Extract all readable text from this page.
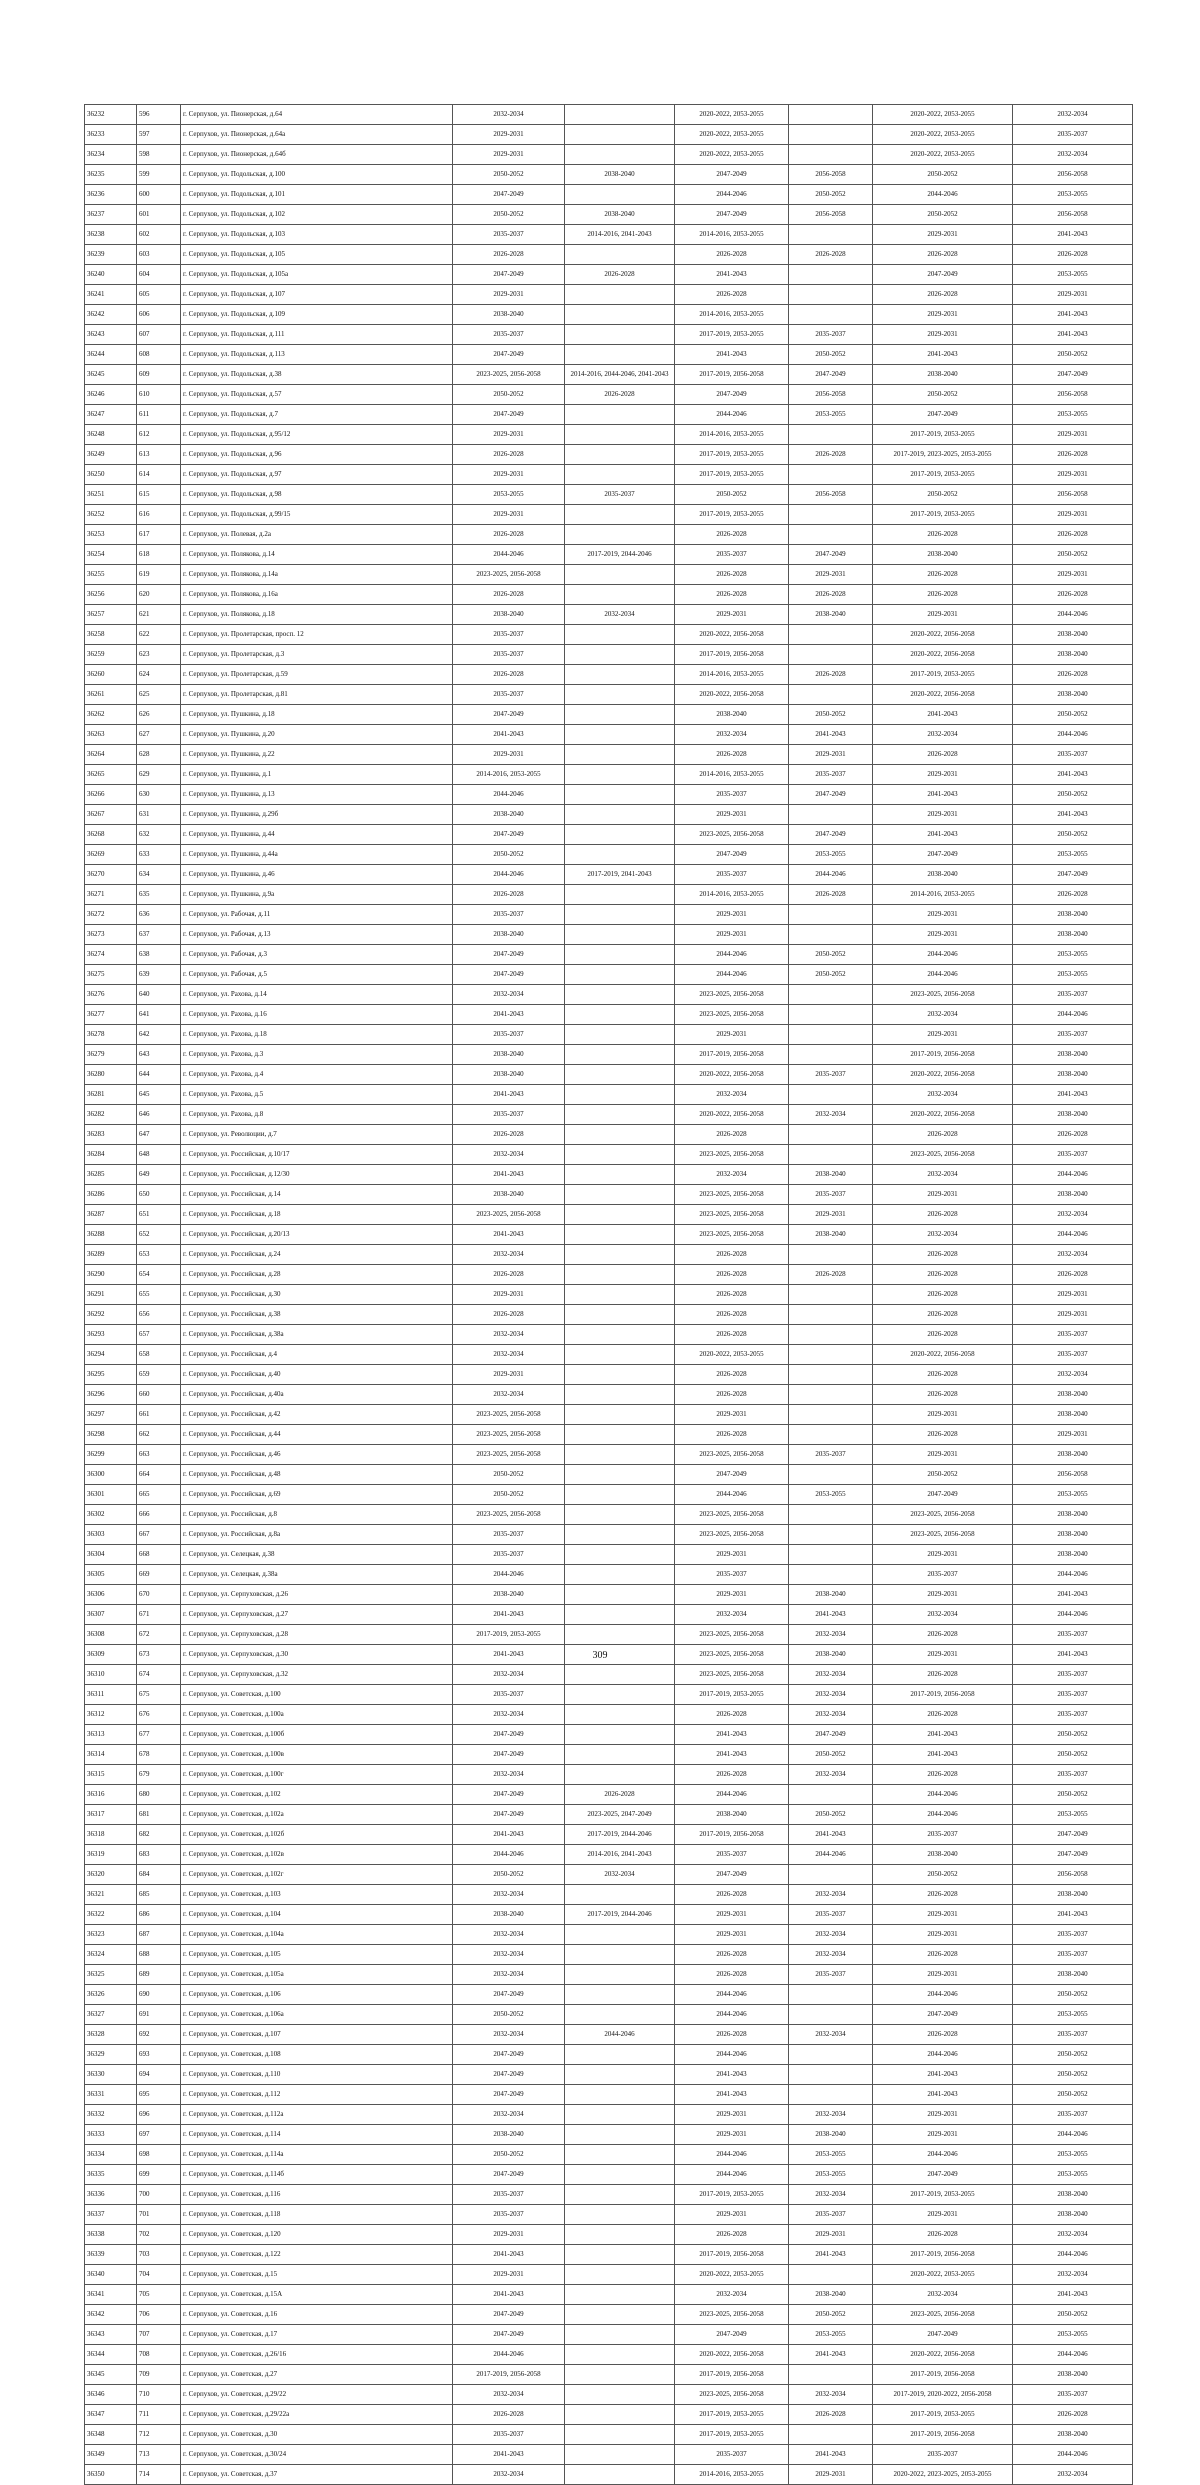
36232	596	г. Серпухов, ул. Пионерская, д.64	2032-2034		2020-2022, 2053-2055		2020-2022, 2053-2055	2032-2034
36233	597	г. Серпухов, ул. Пионерская, д.64а	2029-2031		2020-2022, 2053-2055		2020-2022, 2053-2055	2035-2037
36234	598	г. Серпухов, ул. Пионерская, д.64б	2029-2031		2020-2022, 2053-2055		2020-2022, 2053-2055	2032-2034
36235	599	г. Серпухов, ул. Подольская, д.100	2050-2052	2038-2040	2047-2049	2056-2058	2050-2052	2056-2058
36236	600	г. Серпухов, ул. Подольская, д.101	2047-2049		2044-2046	2050-2052	2044-2046	2053-2055
36237	601	г. Серпухов, ул. Подольская, д.102	2050-2052	2038-2040	2047-2049	2056-2058	2050-2052	2056-2058
36238	602	г. Серпухов, ул. Подольская, д.103	2035-2037	2014-2016, 2041-2043	2014-2016, 2053-2055		2029-2031	2041-2043
36239	603	г. Серпухов, ул. Подольская, д.105	2026-2028		2026-2028	2026-2028	2026-2028	2026-2028
36240	604	г. Серпухов, ул. Подольская, д.105а	2047-2049	2026-2028	2041-2043		2047-2049	2053-2055
36241	605	г. Серпухов, ул. Подольская, д.107	2029-2031		2026-2028		2026-2028	2029-2031
36242	606	г. Серпухов, ул. Подольская, д.109	2038-2040		2014-2016, 2053-2055		2029-2031	2041-2043
36243	607	г. Серпухов, ул. Подольская, д.111	2035-2037		2017-2019, 2053-2055	2035-2037	2029-2031	2041-2043
36244	608	г. Серпухов, ул. Подольская, д.113	2047-2049		2041-2043	2050-2052	2041-2043	2050-2052
36245	609	г. Серпухов, ул. Подольская, д.38	2023-2025, 2056-2058	2014-2016, 2044-2046, 2041-2043	2017-2019, 2056-2058	2047-2049	2038-2040	2047-2049
36246	610	г. Серпухов, ул. Подольская, д.57	2050-2052	2026-2028	2047-2049	2056-2058	2050-2052	2056-2058
36247	611	г. Серпухов, ул. Подольская, д.7	2047-2049		2044-2046	2053-2055	2047-2049	2053-2055
36248	612	г. Серпухов, ул. Подольская, д.95/12	2029-2031		2014-2016, 2053-2055		2017-2019, 2053-2055	2029-2031
36249	613	г. Серпухов, ул. Подольская, д.96	2026-2028		2017-2019, 2053-2055	2026-2028	2017-2019, 2023-2025, 2053-2055	2026-2028
36250	614	г. Серпухов, ул. Подольская, д.97	2029-2031		2017-2019, 2053-2055		2017-2019, 2053-2055	2029-2031
36251	615	г. Серпухов, ул. Подольская, д.98	2053-2055	2035-2037	2050-2052	2056-2058	2050-2052	2056-2058
36252	616	г. Серпухов, ул. Подольская, д.99/15	2029-2031		2017-2019, 2053-2055		2017-2019, 2053-2055	2029-2031
36253	617	г. Серпухов, ул. Полевая, д.2а	2026-2028		2026-2028		2026-2028	2026-2028
36254	618	г. Серпухов, ул. Полякова, д.14	2044-2046	2017-2019, 2044-2046	2035-2037	2047-2049	2038-2040	2050-2052
36255	619	г. Серпухов, ул. Полякова, д.14а	2023-2025, 2056-2058		2026-2028	2029-2031	2026-2028	2029-2031
36256	620	г. Серпухов, ул. Полякова, д.16а	2026-2028		2026-2028	2026-2028	2026-2028	2026-2028
36257	621	г. Серпухов, ул. Полякова, д.18	2038-2040	2032-2034	2029-2031	2038-2040	2029-2031	2044-2046
36258	622	г. Серпухов, ул. Пролетарская, просп. 12	2035-2037		2020-2022, 2056-2058		2020-2022, 2056-2058	2038-2040
36259	623	г. Серпухов, ул. Пролетарская, д.3	2035-2037		2017-2019, 2056-2058		2020-2022, 2056-2058	2038-2040
36260	624	г. Серпухов, ул. Пролетарская, д.59	2026-2028		2014-2016, 2053-2055	2026-2028	2017-2019, 2053-2055	2026-2028
36261	625	г. Серпухов, ул. Пролетарская, д.81	2035-2037		2020-2022, 2056-2058		2020-2022, 2056-2058	2038-2040
36262	626	г. Серпухов, ул. Пушкина, д.18	2047-2049		2038-2040	2050-2052	2041-2043	2050-2052
36263	627	г. Серпухов, ул. Пушкина, д.20	2041-2043		2032-2034	2041-2043	2032-2034	2044-2046
36264	628	г. Серпухов, ул. Пушкина, д.22	2029-2031		2026-2028	2029-2031	2026-2028	2035-2037
36265	629	г. Серпухов, ул. Пушкина, д.1	2014-2016, 2053-2055		2014-2016, 2053-2055	2035-2037	2029-2031	2041-2043
36266	630	г. Серпухов, ул. Пушкина, д.13	2044-2046		2035-2037	2047-2049	2041-2043	2050-2052
36267	631	г. Серпухов, ул. Пушкина, д.29б	2038-2040		2029-2031		2029-2031	2041-2043
36268	632	г. Серпухов, ул. Пушкина, д.44	2047-2049		2023-2025, 2056-2058	2047-2049	2041-2043	2050-2052
36269	633	г. Серпухов, ул. Пушкина, д.44а	2050-2052		2047-2049	2053-2055	2047-2049	2053-2055
36270	634	г. Серпухов, ул. Пушкина, д.46	2044-2046	2017-2019, 2041-2043	2035-2037	2044-2046	2038-2040	2047-2049
36271	635	г. Серпухов, ул. Пушкина, д.9а	2026-2028		2014-2016, 2053-2055	2026-2028	2014-2016, 2053-2055	2026-2028
36272	636	г. Серпухов, ул. Рабочая, д.11	2035-2037		2029-2031		2029-2031	2038-2040
36273	637	г. Серпухов, ул. Рабочая, д.13	2038-2040		2029-2031		2029-2031	2038-2040
36274	638	г. Серпухов, ул. Рабочая, д.3	2047-2049		2044-2046	2050-2052	2044-2046	2053-2055
36275	639	г. Серпухов, ул. Рабочая, д.5	2047-2049		2044-2046	2050-2052	2044-2046	2053-2055
36276	640	г. Серпухов, ул. Рахова, д.14	2032-2034		2023-2025, 2056-2058		2023-2025, 2056-2058	2035-2037
36277	641	г. Серпухов, ул. Рахова, д.16	2041-2043		2023-2025, 2056-2058		2032-2034	2044-2046
36278	642	г. Серпухов, ул. Рахова, д.18	2035-2037		2029-2031		2029-2031	2035-2037
36279	643	г. Серпухов, ул. Рахова, д.3	2038-2040		2017-2019, 2056-2058		2017-2019, 2056-2058	2038-2040
36280	644	г. Серпухов, ул. Рахова, д.4	2038-2040		2020-2022, 2056-2058	2035-2037	2020-2022, 2056-2058	2038-2040
36281	645	г. Серпухов, ул. Рахова, д.5	2041-2043		2032-2034		2032-2034	2041-2043
36282	646	г. Серпухов, ул. Рахова, д.8	2035-2037		2020-2022, 2056-2058	2032-2034	2020-2022, 2056-2058	2038-2040
36283	647	г. Серпухов, ул. Революции, д.7	2026-2028		2026-2028		2026-2028	2026-2028
36284	648	г. Серпухов, ул. Российская, д.10/17	2032-2034		2023-2025, 2056-2058		2023-2025, 2056-2058	2035-2037
36285	649	г. Серпухов, ул. Российская, д.12/30	2041-2043		2032-2034	2038-2040	2032-2034	2044-2046
36286	650	г. Серпухов, ул. Российская, д.14	2038-2040		2023-2025, 2056-2058	2035-2037	2029-2031	2038-2040
36287	651	г. Серпухов, ул. Российская, д.18	2023-2025, 2056-2058		2023-2025, 2056-2058	2029-2031	2026-2028	2032-2034
36288	652	г. Серпухов, ул. Российская, д.20/13	2041-2043		2023-2025, 2056-2058	2038-2040	2032-2034	2044-2046
36289	653	г. Серпухов, ул. Российская, д.24	2032-2034		2026-2028		2026-2028	2032-2034
36290	654	г. Серпухов, ул. Российская, д.28	2026-2028		2026-2028	2026-2028	2026-2028	2026-2028
36291	655	г. Серпухов, ул. Российская, д.30	2029-2031		2026-2028		2026-2028	2029-2031
36292	656	г. Серпухов, ул. Российская, д.38	2026-2028		2026-2028		2026-2028	2029-2031
36293	657	г. Серпухов, ул. Российская, д.38а	2032-2034		2026-2028		2026-2028	2035-2037
36294	658	г. Серпухов, ул. Российская, д.4	2032-2034		2020-2022, 2053-2055		2020-2022, 2056-2058	2035-2037
36295	659	г. Серпухов, ул. Российская, д.40	2029-2031		2026-2028		2026-2028	2032-2034
36296	660	г. Серпухов, ул. Российская, д.40а	2032-2034		2026-2028		2026-2028	2038-2040
36297	661	г. Серпухов, ул. Российская, д.42	2023-2025, 2056-2058		2029-2031		2029-2031	2038-2040
36298	662	г. Серпухов, ул. Российская, д.44	2023-2025, 2056-2058		2026-2028		2026-2028	2029-2031
36299	663	г. Серпухов, ул. Российская, д.46	2023-2025, 2056-2058		2023-2025, 2056-2058	2035-2037	2029-2031	2038-2040
36300	664	г. Серпухов, ул. Российская, д.48	2050-2052		2047-2049		2050-2052	2056-2058
36301	665	г. Серпухов, ул. Российская, д.69	2050-2052		2044-2046	2053-2055	2047-2049	2053-2055
36302	666	г. Серпухов, ул. Российская, д.8	2023-2025, 2056-2058		2023-2025, 2056-2058		2023-2025, 2056-2058	2038-2040
36303	667	г. Серпухов, ул. Российская, д.8а	2035-2037		2023-2025, 2056-2058		2023-2025, 2056-2058	2038-2040
36304	668	г. Серпухов, ул. Селецкая, д.38	2035-2037		2029-2031		2029-2031	2038-2040
36305	669	г. Серпухов, ул. Селецкая, д.38а	2044-2046		2035-2037		2035-2037	2044-2046
36306	670	г. Серпухов, ул. Серпуховская, д.26	2038-2040		2029-2031	2038-2040	2029-2031	2041-2043
36307	671	г. Серпухов, ул. Серпуховская, д.27	2041-2043		2032-2034	2041-2043	2032-2034	2044-2046
36308	672	г. Серпухов, ул. Серпуховская, д.28	2017-2019, 2053-2055		2023-2025, 2056-2058	2032-2034	2026-2028	2035-2037
36309	673	г. Серпухов, ул. Серпуховская, д.30	2041-2043		2023-2025, 2056-2058	2038-2040	2029-2031	2041-2043
36310	674	г. Серпухов, ул. Серпуховская, д.32	2032-2034		2023-2025, 2056-2058	2032-2034	2026-2028	2035-2037
36311	675	г. Серпухов, ул. Советская, д.100	2035-2037		2017-2019, 2053-2055	2032-2034	2017-2019, 2056-2058	2035-2037
36312	676	г. Серпухов, ул. Советская, д.100а	2032-2034		2026-2028	2032-2034	2026-2028	2035-2037
36313	677	г. Серпухов, ул. Советская, д.100б	2047-2049		2041-2043	2047-2049	2041-2043	2050-2052
36314	678	г. Серпухов, ул. Советская, д.100в	2047-2049		2041-2043	2050-2052	2041-2043	2050-2052
36315	679	г. Серпухов, ул. Советская, д.100г	2032-2034		2026-2028	2032-2034	2026-2028	2035-2037
36316	680	г. Серпухов, ул. Советская, д.102	2047-2049	2026-2028	2044-2046		2044-2046	2050-2052
36317	681	г. Серпухов, ул. Советская, д.102а	2047-2049	2023-2025, 2047-2049	2038-2040	2050-2052	2044-2046	2053-2055
36318	682	г. Серпухов, ул. Советская, д.102б	2041-2043	2017-2019, 2044-2046	2017-2019, 2056-2058	2041-2043	2035-2037	2047-2049
36319	683	г. Серпухов, ул. Советская, д.102в	2044-2046	2014-2016, 2041-2043	2035-2037	2044-2046	2038-2040	2047-2049
36320	684	г. Серпухов, ул. Советская, д.102г	2050-2052	2032-2034	2047-2049		2050-2052	2056-2058
36321	685	г. Серпухов, ул. Советская, д.103	2032-2034		2026-2028	2032-2034	2026-2028	2038-2040
36322	686	г. Серпухов, ул. Советская, д.104	2038-2040	2017-2019, 2044-2046	2029-2031	2035-2037	2029-2031	2041-2043
36323	687	г. Серпухов, ул. Советская, д.104а	2032-2034		2029-2031	2032-2034	2029-2031	2035-2037
36324	688	г. Серпухов, ул. Советская, д.105	2032-2034		2026-2028	2032-2034	2026-2028	2035-2037
36325	689	г. Серпухов, ул. Советская, д.105а	2032-2034		2026-2028	2035-2037	2029-2031	2038-2040
36326	690	г. Серпухов, ул. Советская, д.106	2047-2049		2044-2046		2044-2046	2050-2052
36327	691	г. Серпухов, ул. Советская, д.106а	2050-2052		2044-2046		2047-2049	2053-2055
36328	692	г. Серпухов, ул. Советская, д.107	2032-2034	2044-2046	2026-2028	2032-2034	2026-2028	2035-2037
36329	693	г. Серпухов, ул. Советская, д.108	2047-2049		2044-2046		2044-2046	2050-2052
36330	694	г. Серпухов, ул. Советская, д.110	2047-2049		2041-2043		2041-2043	2050-2052
36331	695	г. Серпухов, ул. Советская, д.112	2047-2049		2041-2043		2041-2043	2050-2052
36332	696	г. Серпухов, ул. Советская, д.112а	2032-2034		2029-2031	2032-2034	2029-2031	2035-2037
36333	697	г. Серпухов, ул. Советская, д.114	2038-2040		2029-2031	2038-2040	2029-2031	2044-2046
36334	698	г. Серпухов, ул. Советская, д.114а	2050-2052		2044-2046	2053-2055	2044-2046	2053-2055
36335	699	г. Серпухов, ул. Советская, д.114б	2047-2049		2044-2046	2053-2055	2047-2049	2053-2055
36336	700	г. Серпухов, ул. Советская, д.116	2035-2037		2017-2019, 2053-2055	2032-2034	2017-2019, 2053-2055	2038-2040
36337	701	г. Серпухов, ул. Советская, д.118	2035-2037		2029-2031	2035-2037	2029-2031	2038-2040
36338	702	г. Серпухов, ул. Советская, д.120	2029-2031		2026-2028	2029-2031	2026-2028	2032-2034
36339	703	г. Серпухов, ул. Советская, д.122	2041-2043		2017-2019, 2056-2058	2041-2043	2017-2019, 2056-2058	2044-2046
36340	704	г. Серпухов, ул. Советская, д.15	2029-2031		2020-2022, 2053-2055		2020-2022, 2053-2055	2032-2034
36341	705	г. Серпухов, ул. Советская, д.15А	2041-2043		2032-2034	2038-2040	2032-2034	2041-2043
36342	706	г. Серпухов, ул. Советская, д.16	2047-2049		2023-2025, 2056-2058	2050-2052	2023-2025, 2056-2058	2050-2052
36343	707	г. Серпухов, ул. Советская, д.17	2047-2049		2047-2049	2053-2055	2047-2049	2053-2055
36344	708	г. Серпухов, ул. Советская, д.26/16	2044-2046		2020-2022, 2056-2058	2041-2043	2020-2022, 2056-2058	2044-2046
36345	709	г. Серпухов, ул. Советская, д.27	2017-2019, 2056-2058		2017-2019, 2056-2058		2017-2019, 2056-2058	2038-2040
36346	710	г. Серпухов, ул. Советская, д.29/22	2032-2034		2023-2025, 2056-2058	2032-2034	2017-2019, 2020-2022, 2056-2058	2035-2037
36347	711	г. Серпухов, ул. Советская, д.29/22а	2026-2028		2017-2019, 2053-2055	2026-2028	2017-2019, 2053-2055	2026-2028
36348	712	г. Серпухов, ул. Советская, д.30	2035-2037		2017-2019, 2053-2055		2017-2019, 2056-2058	2038-2040
36349	713	г. Серпухов, ул. Советская, д.30/24	2041-2043		2035-2037	2041-2043	2035-2037	2044-2046
36350	714	г. Серпухов, ул. Советская, д.37	2032-2034		2014-2016, 2053-2055	2029-2031	2020-2022, 2023-2025, 2053-2055	2032-2034
309
